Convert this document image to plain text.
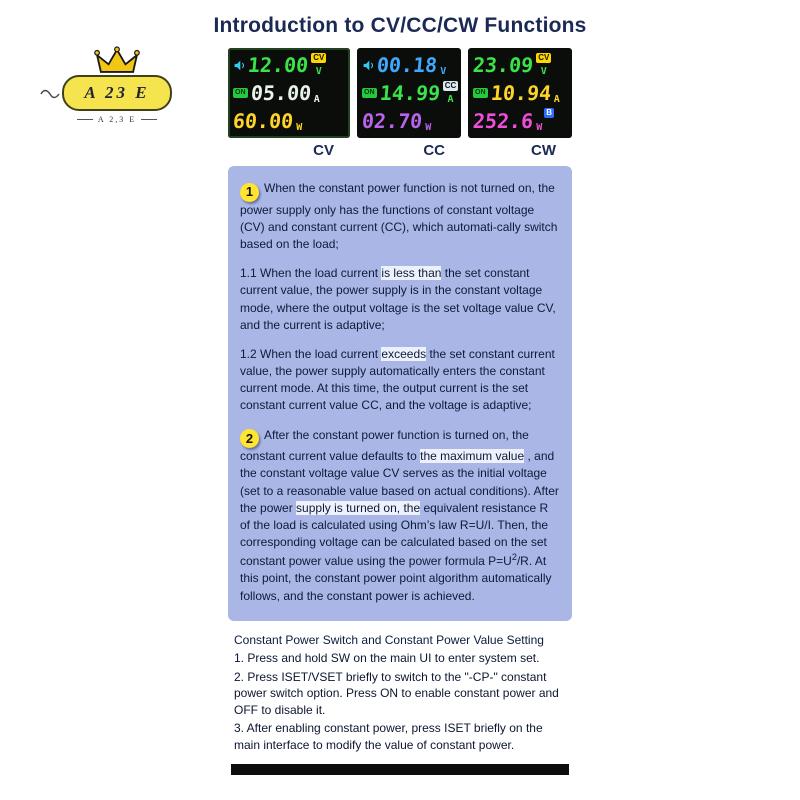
Introduction to CV/CC/CW Functions
A 23 E
A 2,3 E
12.00 CV
V
ON 05.00 A
60.00 W
CV
00.18 V
ON 14.99 CC
A
02.70 W
CC
23.09 CV
V
ON 10.94 A
252.6 W
B
CW

1 When the constant power function is not turned on, the power supply only has the functions of constant voltage (CV) and constant current (CC), which automati-cally switch based on the load;

1.1 When the load current is less than the set constant current value, the power supply is in the constant voltage mode, where the output voltage is the set voltage value CV, and the current is adaptive;

1.2 When the load current exceeds the set constant current value, the power supply automatically enters the constant current mode. At this time, the output current is the set constant current value CC, and the voltage is adaptive;

2 After the constant power function is turned on, the constant current value defaults to the maximum value , and the constant voltage value CV serves as the initial voltage (set to a reasonable value based on actual conditions). After the power supply is turned on, the equivalent resistance R of the load is calculated using Ohm’s law R=U/I. Then, the corresponding voltage can be calculated based on the set constant power value using the power formula $P=U^2/R$. At this point, the constant power point algorithm automatically follows, and the constant power is achieved.

Constant Power Switch and Constant Power Value Setting

1. Press and hold SW on the main UI to enter system set.

2. Press ISET/VSET briefly to switch to the "-CP-" constant power switch option. Press ON to enable constant power and OFF to disable it.

3. After enabling constant power, press ISET briefly on the main interface to modify the value of constant power.
